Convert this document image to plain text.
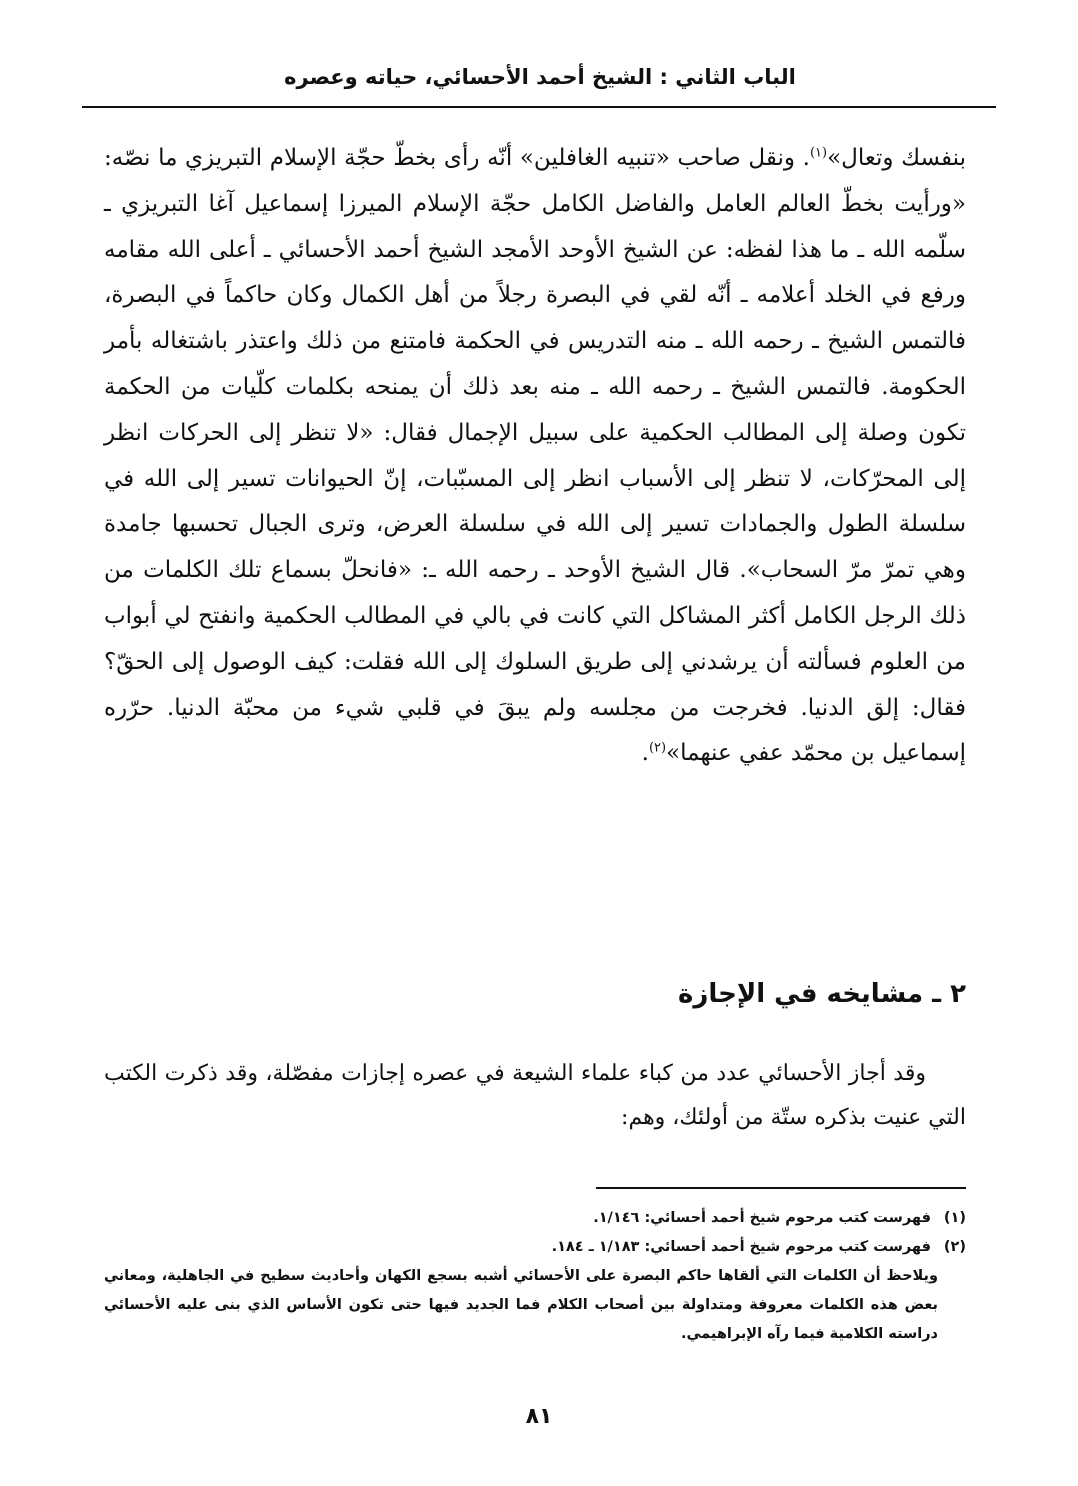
الباب الثاني : الشيخ أحمد الأحسائي، حياته وعصره

بنفسك وتعال»$^{(١)}$. ونقل صاحب «تنبيه الغافلين» أنّه رأى بخطّ حجّة الإسلام التبريزي ما نصّه: «ورأيت بخطّ العالم العامل والفاضل الكامل حجّة الإسلام الميرزا إسماعيل آغا التبريزي ـ سلّمه الله ـ ما هذا لفظه: عن الشيخ الأوحد الأمجد الشيخ أحمد الأحسائي ـ أعلى الله مقامه ورفع في الخلد أعلامه ـ أنّه لقي في البصرة رجلاً من أهل الكمال وكان حاكماً في البصرة، فالتمس الشيخ ـ رحمه الله ـ منه التدريس في الحكمة فامتنع من ذلك واعتذر باشتغاله بأمر الحكومة. فالتمس الشيخ ـ رحمه الله ـ منه بعد ذلك أن يمنحه بكلمات كلّيات من الحكمة تكون وصلة إلى المطالب الحكمية على سبيل الإجمال فقال: «لا تنظر إلى الحركات انظر إلى المحرّكات، لا تنظر إلى الأسباب انظر إلى المسبّبات، إنّ الحيوانات تسير إلى الله في سلسلة الطول والجمادات تسير إلى الله في سلسلة العرض، وترى الجبال تحسبها جامدة وهي تمرّ مرّ السحاب». قال الشيخ الأوحد ـ رحمه الله ـ: «فانحلّ بسماع تلك الكلمات من ذلك الرجل الكامل أكثر المشاكل التي كانت في بالي في المطالب الحكمية وانفتح لي أبواب من العلوم فسألته أن يرشدني إلى طريق السلوك إلى الله فقلت: كيف الوصول إلى الحقّ؟ فقال: إلق الدنيا. فخرجت من مجلسه ولم يبقَ في قلبي شيء من محبّة الدنيا. حرّره إسماعيل بن محمّد عفي عنهما»$^{(٢)}$.

٢ ـ مشايخه في الإجازة

وقد أجاز الأحسائي عدد من كباء علماء الشيعة في عصره إجازات مفصّلة، وقد ذكرت الكتب التي عنيت بذكره ستّة من أولئك، وهم:

(١) فهرست كتب مرحوم شيخ أحمد أحسائي: ١/١٤٦.

(٢) فهرست كتب مرحوم شيخ أحمد أحسائي: ١/١٨٣ ـ ١٨٤.

ويلاحظ أن الكلمات التي ألقاها حاكم البصرة على الأحسائي أشبه بسجع الكهان وأحاديث سطيح في الجاهلية، ومعاني بعض هذه الكلمات معروفة ومتداولة بين أصحاب الكلام فما الجديد فيها حتى تكون الأساس الذي بنى عليه الأحسائي دراسته الكلامية فيما رآه الإبراهيمي.

٨١
